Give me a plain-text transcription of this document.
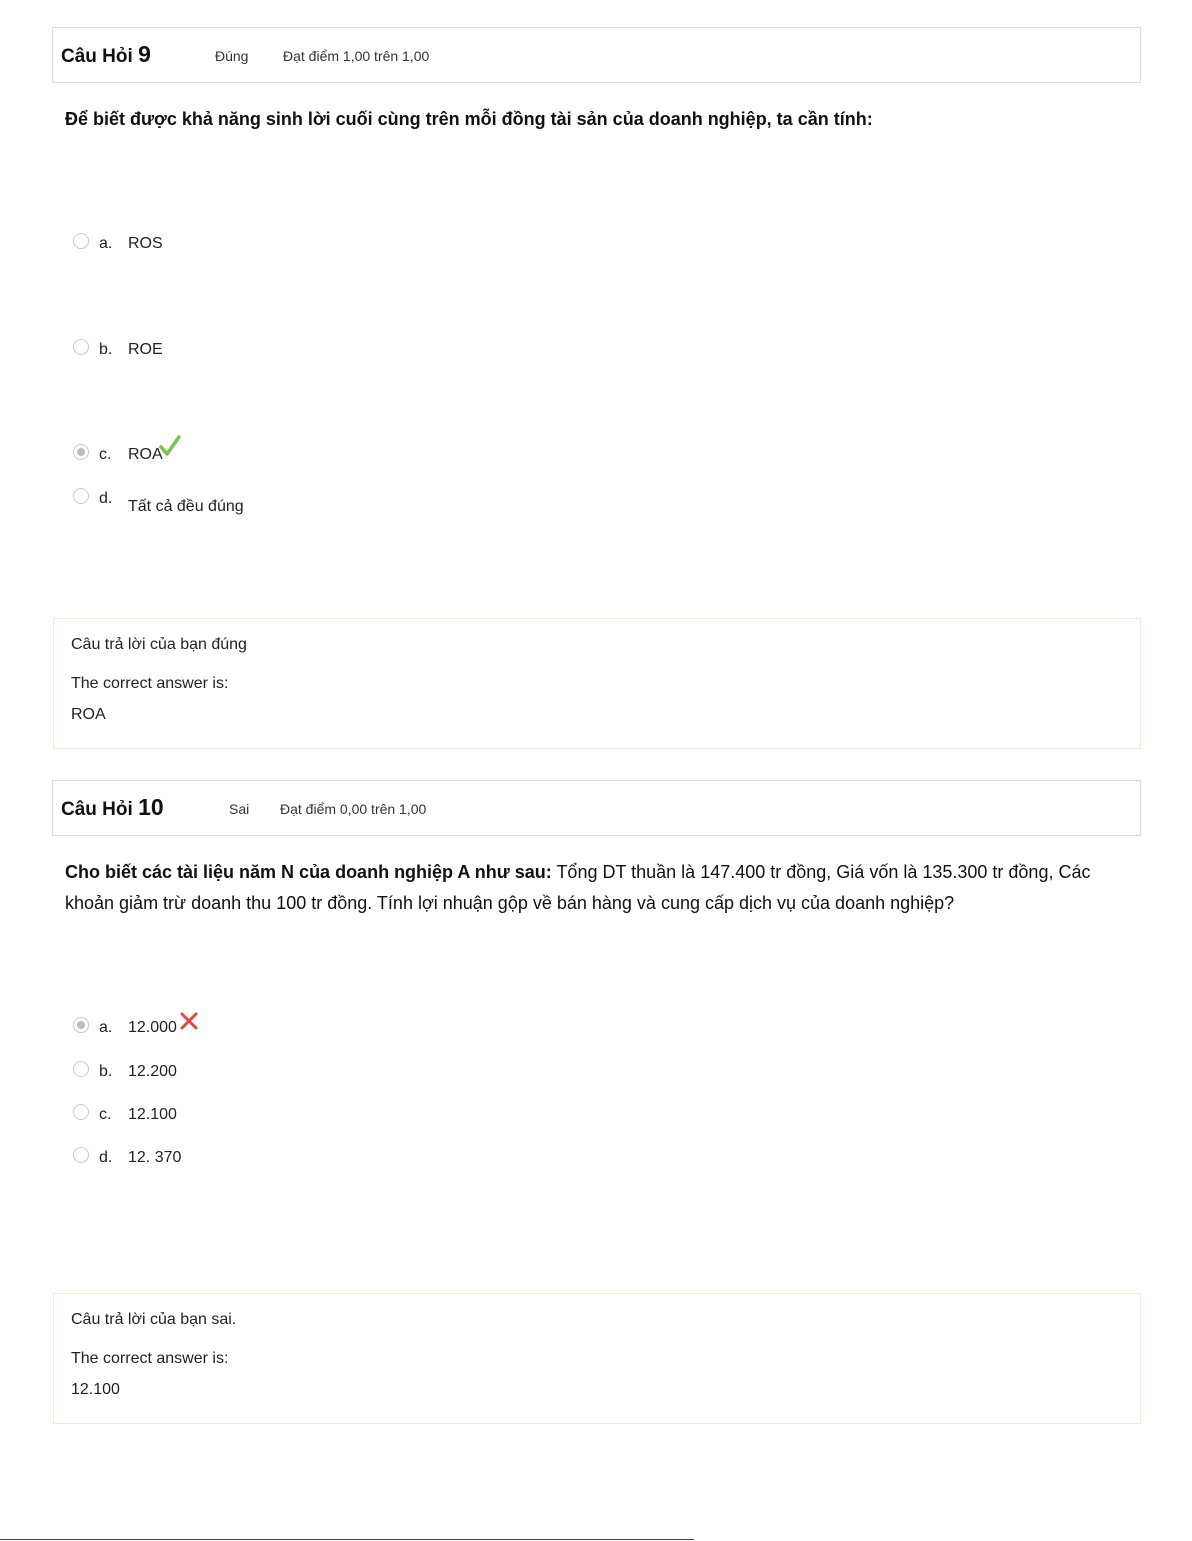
Câu Hỏi 9	Đúng Đạt điểm 1,00 trên 1,00
Để biết được khả năng sinh lời cuối cùng trên mỗi đồng tài sản của doanh nghiệp, ta cần tính:
a. ROS
b. ROE
c. ROA
d. Tất cả đều đúng
Câu trả lời của bạn đúng
The correct answer is:
ROA
Câu Hỏi 10	Sai Đạt điểm 0,00 trên 1,00
Cho biết các tài liệu năm N của doanh nghiệp A như sau: Tổng DT thuần là 147.400 tr đồng, Giá vốn là 135.300 tr đồng, Các khoản giảm trừ doanh thu 100 tr đồng. Tính lợi nhuận gộp về bán hàng và cung cấp dịch vụ của doanh nghiệp?
a. 12.000
b. 12.200
c. 12.100
d. 12. 370
Câu trả lời của bạn sai.
The correct answer is:
12.100
